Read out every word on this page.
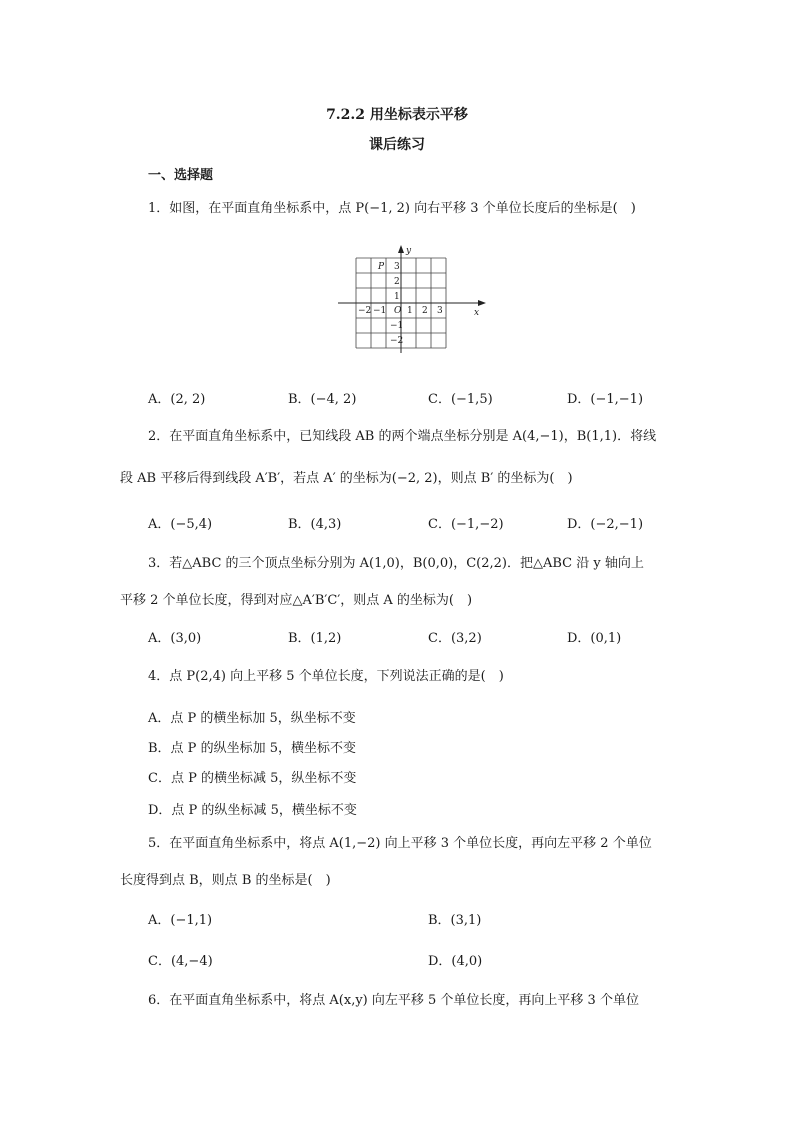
7.2.2 用坐标表示平移
课后练习
一、选择题
1．如图，在平面直角坐标系中，点 P(−1, 2) 向右平移 3 个单位长度后的坐标是(　)
x
y
O
P
−2 −1 1 2 3
3
2
1
−1
−2
A．(2, 2)	B．(−4, 2)	C．(−1,5)	D．(−1,−1)
2．在平面直角坐标系中，已知线段 AB 的两个端点坐标分别是 A(4,−1)，B(1,1)．将线
段 AB 平移后得到线段 A′B′，若点 A′ 的坐标为(−2, 2)，则点 B′ 的坐标为(　)
A．(−5,4)	B．(4,3)	C．(−1,−2)	D．(−2,−1)
3．若△ABC 的三个顶点坐标分别为 A(1,0)，B(0,0)，C(2,2)．把△ABC 沿 y 轴向上
平移 2 个单位长度，得到对应△A′B′C′，则点 A 的坐标为(　)
A．(3,0)	B．(1,2)	C．(3,2)	D．(0,1)
4．点 P(2,4) 向上平移 5 个单位长度，下列说法正确的是(　)
A．点 P 的横坐标加 5，纵坐标不变
B．点 P 的纵坐标加 5，横坐标不变
C．点 P 的横坐标减 5，纵坐标不变
D．点 P 的纵坐标减 5，横坐标不变
5．在平面直角坐标系中，将点 A(1,−2) 向上平移 3 个单位长度，再向左平移 2 个单位
长度得到点 B，则点 B 的坐标是(　)
A．(−1,1)	B．(3,1)
C．(4,−4)	D．(4,0)
6．在平面直角坐标系中，将点 A(x,y) 向左平移 5 个单位长度，再向上平移 3 个单位
